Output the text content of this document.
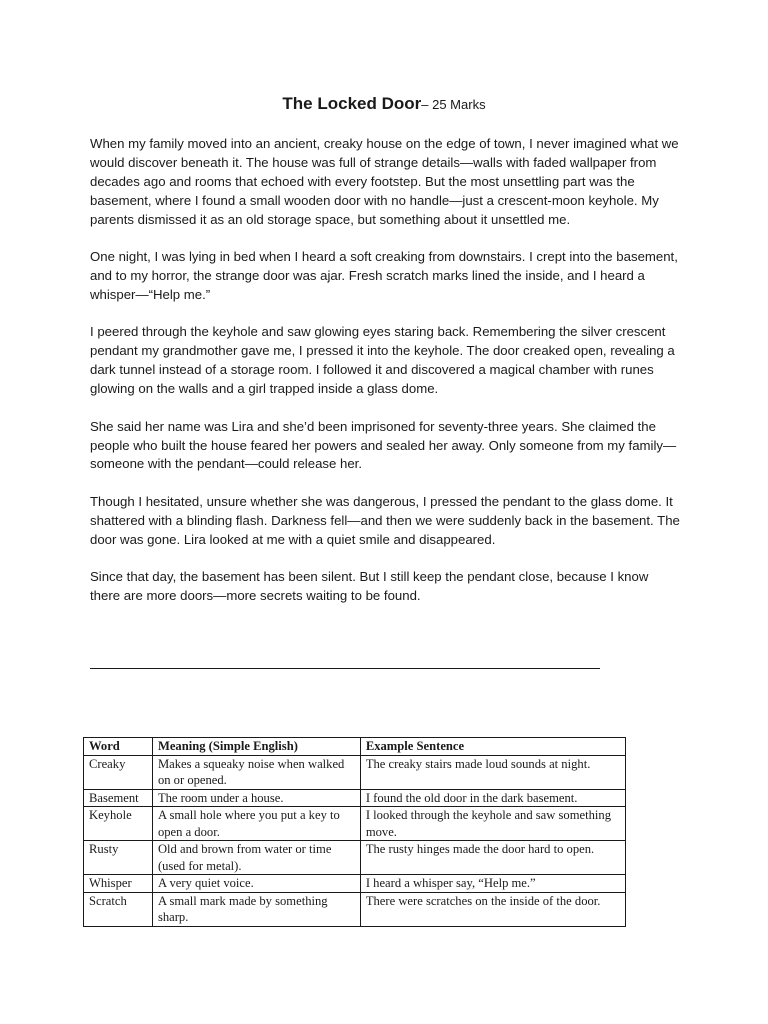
The Locked Door– 25 Marks

When my family moved into an ancient, creaky house on the edge of town, I never imagined what we would discover beneath it. The house was full of strange details—walls with faded wallpaper from decades ago and rooms that echoed with every footstep. But the most unsettling part was the basement, where I found a small wooden door with no handle—just a crescent-moon keyhole. My parents dismissed it as an old storage space, but something about it unsettled me.

One night, I was lying in bed when I heard a soft creaking from downstairs. I crept into the basement, and to my horror, the strange door was ajar. Fresh scratch marks lined the inside, and I heard a whisper—“Help me.”

I peered through the keyhole and saw glowing eyes staring back. Remembering the silver crescent pendant my grandmother gave me, I pressed it into the keyhole. The door creaked open, revealing a dark tunnel instead of a storage room. I followed it and discovered a magical chamber with runes glowing on the walls and a girl trapped inside a glass dome.

She said her name was Lira and she’d been imprisoned for seventy-three years. She claimed the people who built the house feared her powers and sealed her away. Only someone from my family—someone with the pendant—could release her.

Though I hesitated, unsure whether she was dangerous, I pressed the pendant to the glass dome. It shattered with a blinding flash. Darkness fell—and then we were suddenly back in the basement. The door was gone. Lira looked at me with a quiet smile and disappeared.

Since that day, the basement has been silent. But I still keep the pendant close, because I know there are more doors—more secrets waiting to be found.

Word	Meaning (Simple English)	Example Sentence
Creaky	Makes a squeaky noise when walked on or opened.	The creaky stairs made loud sounds at night.
Basement	The room under a house.	I found the old door in the dark basement.
Keyhole	A small hole where you put a key to open a door.	I looked through the keyhole and saw something move.
Rusty	Old and brown from water or time (used for metal).	The rusty hinges made the door hard to open.
Whisper	A very quiet voice.	I heard a whisper say, “Help me.”
Scratch	A small mark made by something sharp.	There were scratches on the inside of the door.
